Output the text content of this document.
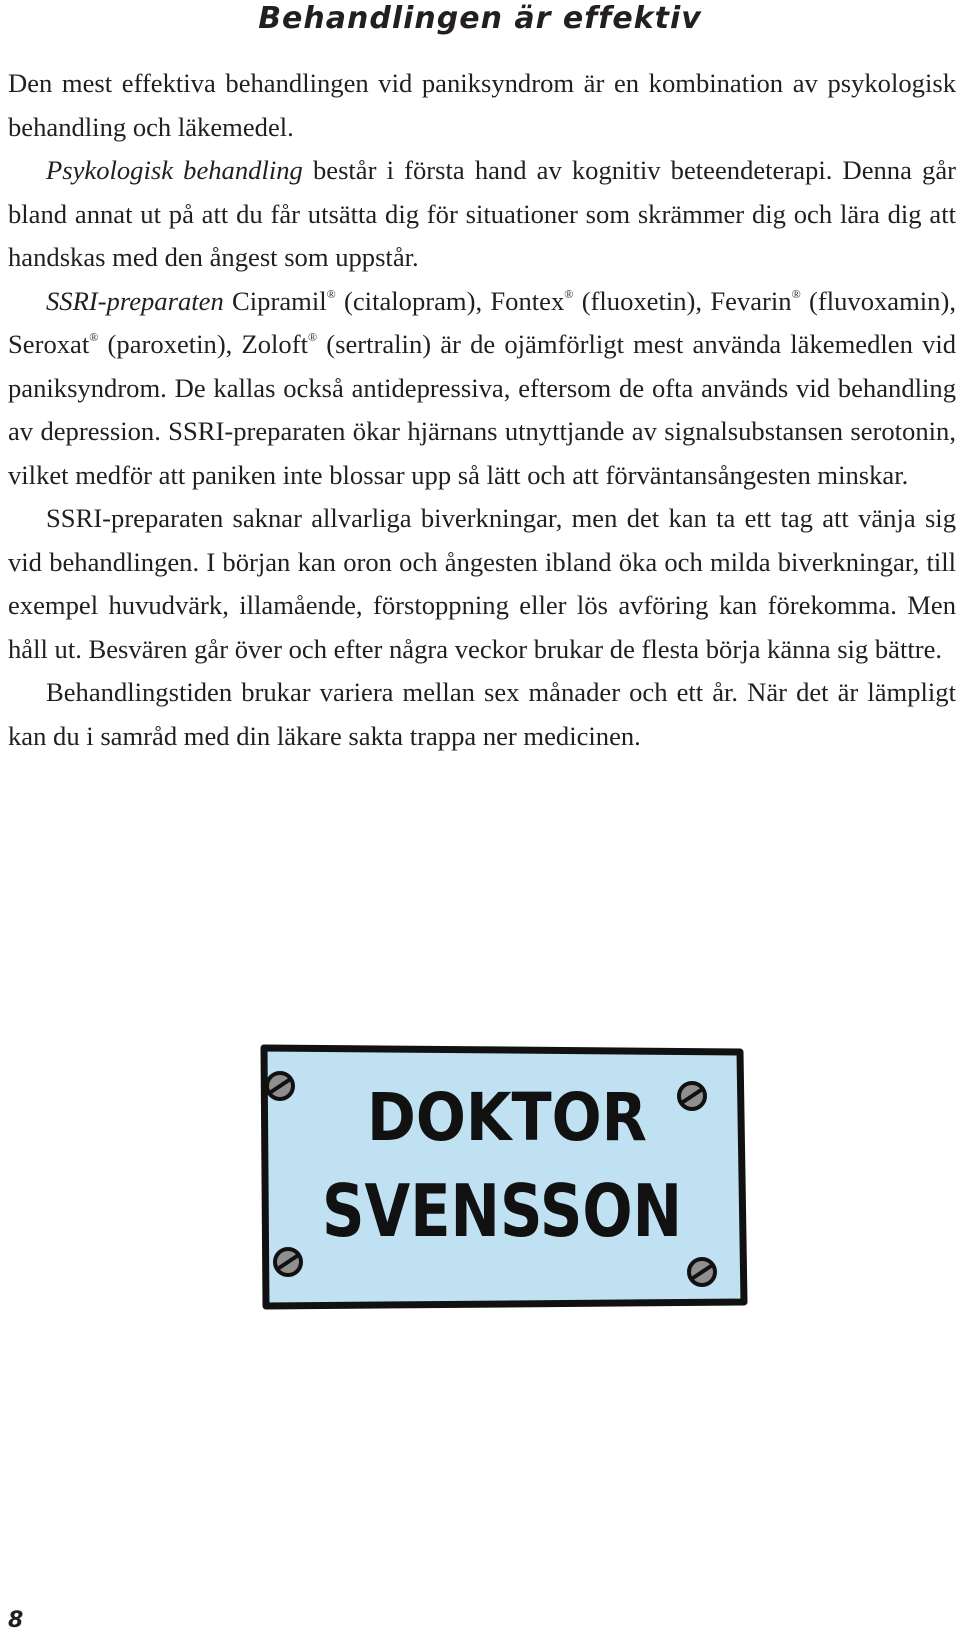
Behandlingen är effektiv

Den mest effektiva behandlingen vid paniksyndrom är en kombination av psykologisk behandling och läkemedel.

Psykologisk behandling består i första hand av kognitiv beteendeterapi. Denna går bland annat ut på att du får utsätta dig för situationer som skrämmer dig och lära dig att handskas med den ångest som uppstår.

SSRI-preparaten Cipramil® (citalopram), Fontex® (fluoxetin), Fevarin® (fluvoxamin), Seroxat® (paroxetin), Zoloft® (sertralin) är de ojämförligt mest använda läkemedlen vid paniksyndrom. De kallas också antidepressiva, eftersom de ofta används vid behandling av depression. SSRI-preparaten ökar hjärnans utnyttjande av signalsubstansen serotonin, vilket medför att paniken inte blossar upp så lätt och att förväntansångesten minskar.

SSRI-preparaten saknar allvarliga biverkningar, men det kan ta ett tag att vänja sig vid behandlingen. I början kan oron och ångesten ibland öka och milda biverkningar, till exempel huvudvärk, illamående, förstoppning eller lös avföring kan förekomma. Men håll ut. Besvären går över och efter några veckor brukar de flesta börja känna sig bättre.

Behandlingstiden brukar variera mellan sex månader och ett år. När det är lämpligt kan du i samråd med din läkare sakta trappa ner medicinen.

DOKTOR
SVENSSON
8
